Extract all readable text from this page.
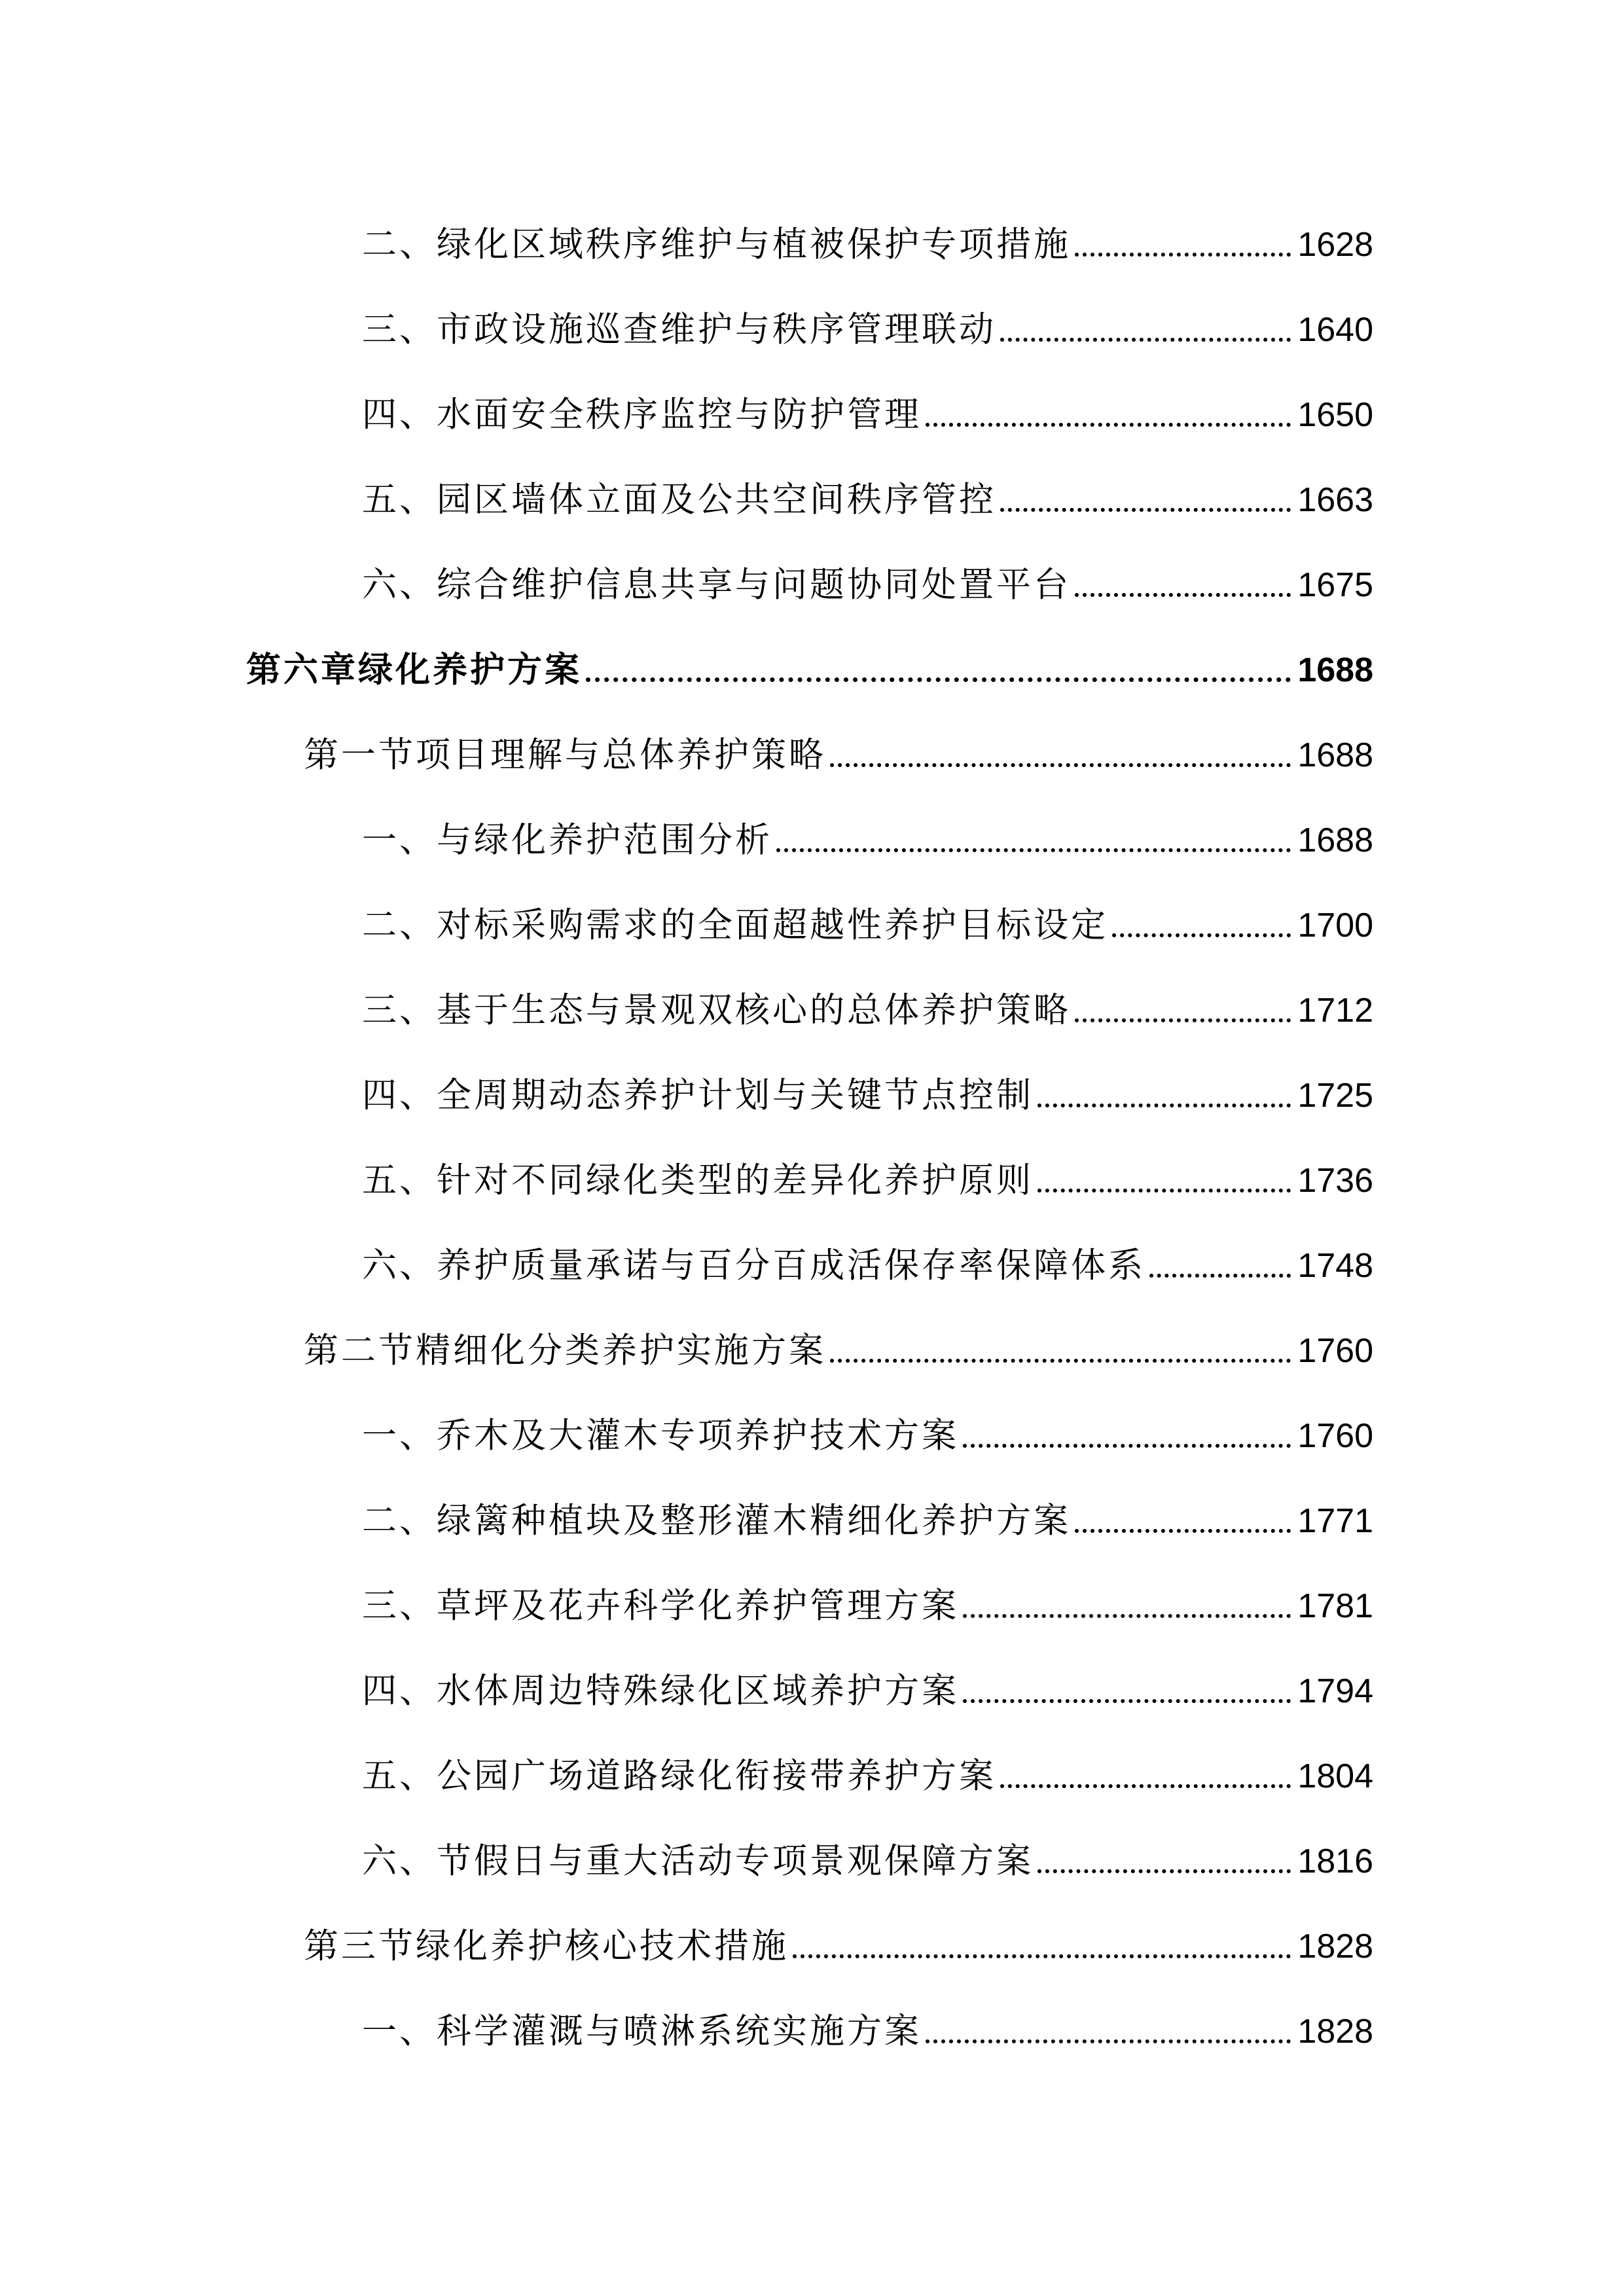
二、绿化区域秩序维护与植被保护专项措施	1628
三、市政设施巡查维护与秩序管理联动	1640
四、水面安全秩序监控与防护管理	1650
五、园区墙体立面及公共空间秩序管控	1663
六、综合维护信息共享与问题协同处置平台	1675
第六章绿化养护方案	1688
第一节项目理解与总体养护策略	1688
一、与绿化养护范围分析	1688
二、对标采购需求的全面超越性养护目标设定	1700
三、基于生态与景观双核心的总体养护策略	1712
四、全周期动态养护计划与关键节点控制	1725
五、针对不同绿化类型的差异化养护原则	1736
六、养护质量承诺与百分百成活保存率保障体系	1748
第二节精细化分类养护实施方案	1760
一、乔木及大灌木专项养护技术方案	1760
二、绿篱种植块及整形灌木精细化养护方案	1771
三、草坪及花卉科学化养护管理方案	1781
四、水体周边特殊绿化区域养护方案	1794
五、公园广场道路绿化衔接带养护方案	1804
六、节假日与重大活动专项景观保障方案	1816
第三节绿化养护核心技术措施	1828
一、科学灌溉与喷淋系统实施方案	1828
